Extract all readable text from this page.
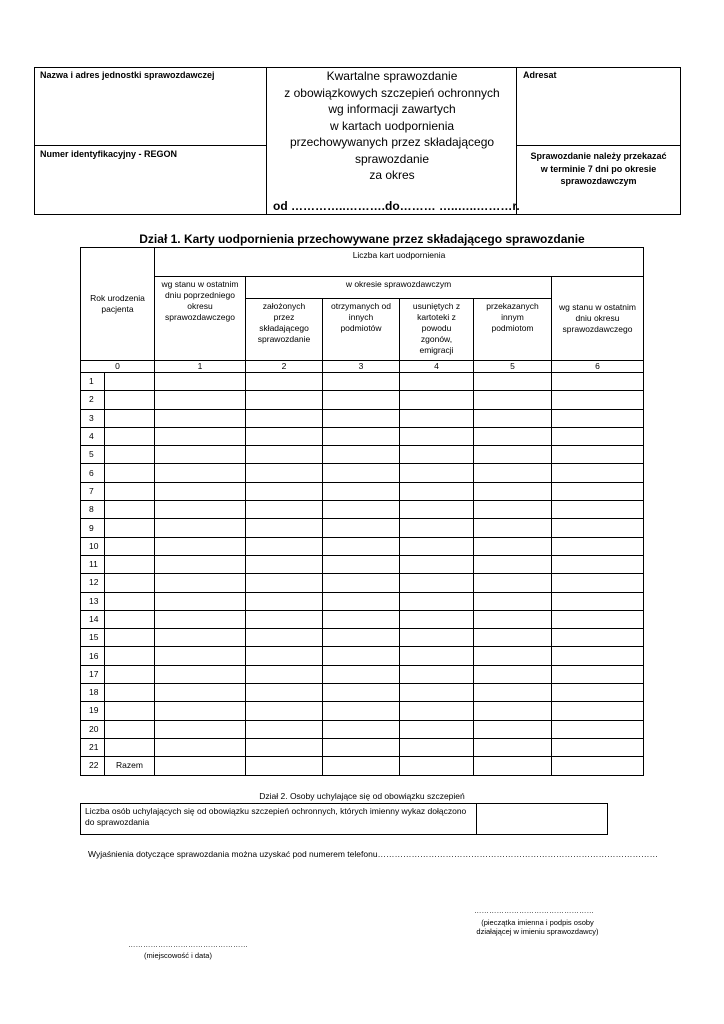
Nazwa i adres jednostki sprawozdawczej
Numer identyfikacyjny - REGON
Adresat
Kwartalne sprawozdanie
z obowiązkowych szczepień ochronnych
wg informacji zawartych
w kartach uodpornienia
przechowywanych przez składającego
sprawozdanie
za okres
od …………..……….do……… …..…..………r.
Sprawozdanie należy przekazać
w terminie 7 dni po okresie
sprawozdawczym
Dział 1. Karty uodpornienia przechowywane przez składającego sprawozdanie
Rok urodzenia pacjenta		Liczba kart uodpornienia					
		wg stanu w ostatnim dniu poprzedniego okresu sprawozdawczego	w okresie sprawozdawczym				wg stanu w ostatnim dniu okresu sprawozdawczego
			założonych przez składającego sprawozdanie	otrzymanych od innych podmiotów	usuniętych z kartoteki z powodu zgonów, emigracji	przekazanych innym podmiotom	
0		1	2	3	4	5	6
1							
2							
3							
4							
5							
6							
7							
8							
9							
10							
11							
12							
13							
14							
15							
16							
17							
18							
19							
20							
21							
22	Razem						
Dział 2. Osoby uchylające się od obowiązku szczepień
Liczba osób uchylających się od obowiązku szczepień ochronnych, których imienny wykaz dołączono do sprawozdania	
Wyjaśnienia dotyczące sprawozdania można uzyskać pod numerem telefonu………………………………………………………………………………………
…………………………………………
(pieczątka imienna i podpis osoby
działającej w imieniu sprawozdawcy)
…………………………………………
(miejscowość i data)
